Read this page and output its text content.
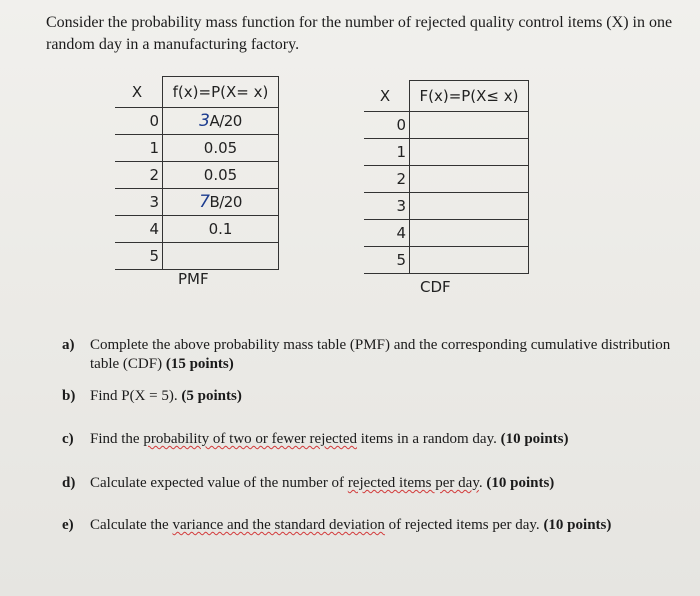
Consider the probability mass function for the number of rejected quality control items (X) in one random day in a manufacturing factory.

X	f(x)=P(X= x)
0	3A/20
1	0.05
2	0.05
3	7B/20
4	0.1
5	
PMF
X	F(x)=P(X≤ x)
0	
1	
2	
3	
4	
5	
CDF
a) Complete the above probability mass table (PMF) and the corresponding cumulative distribution table (CDF) (15 points)
b) Find P(X = 5). (5 points)
c) Find the probability of two or fewer rejected items in a random day. (10 points)
d) Calculate expected value of the number of rejected items per day. (10 points)
e) Calculate the variance and the standard deviation of rejected items per day. (10 points)
